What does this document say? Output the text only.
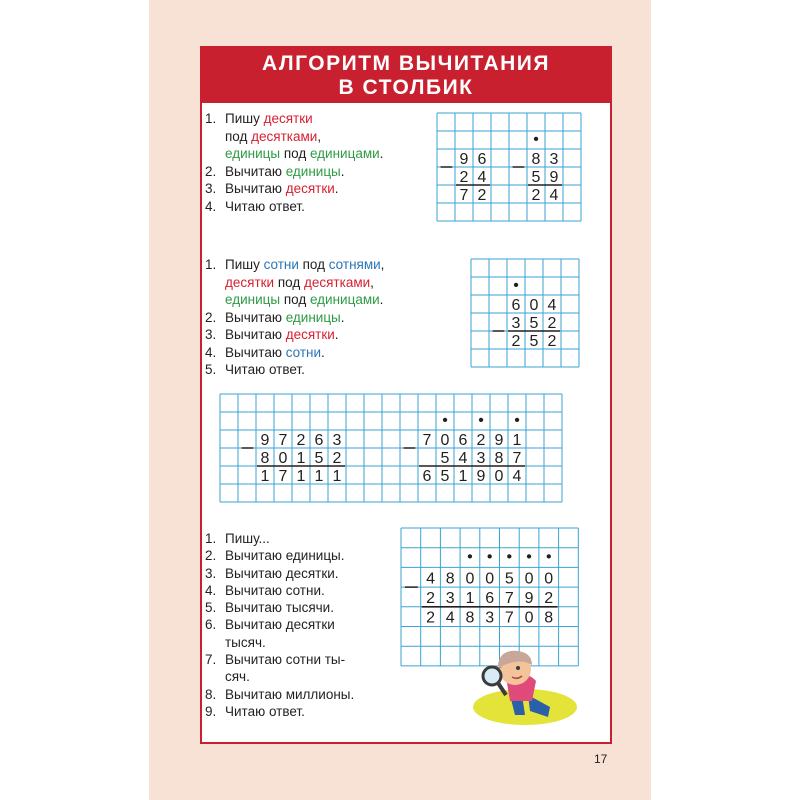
АЛГОРИТМ ВЫЧИТАНИЯ
В СТОЛБИК
1. Пишу десятки
под десятками,
единицы под единицами.
2. Вычитаю единицы.
3. Вычитаю десятки.
4. Читаю ответ.
1. Пишу сотни под сотнями,
десятки под десятками,
единицы под единицами.
2. Вычитаю единицы.
3. Вычитаю десятки.
4. Вычитаю сотни.
5. Читаю ответ.
1. Пишу...
2. Вычитаю единицы.
3. Вычитаю десятки.
4. Вычитаю сотни.
5. Вычитаю тысячи.
6. Вычитаю десятки
тысяч.
7. Вычитаю сотни ты-
сяч.
8. Вычитаю миллионы.
9. Читаю ответ.
•
9 6
2 4
7 2
8 3
5 9
2 4
•
6 0 4
3 5 2
2 5 2
• • •
9 7 2 6 3
8 0 1 5 2
1 7 1 1 1
7 0 6 2 9 1
5 4 3 8 7
6 5 1 9 0 4
• • • • •
4 8 0 0 5 0 0
2 3 1 6 7 9 2
2 4 8 3 7 0 8
17
